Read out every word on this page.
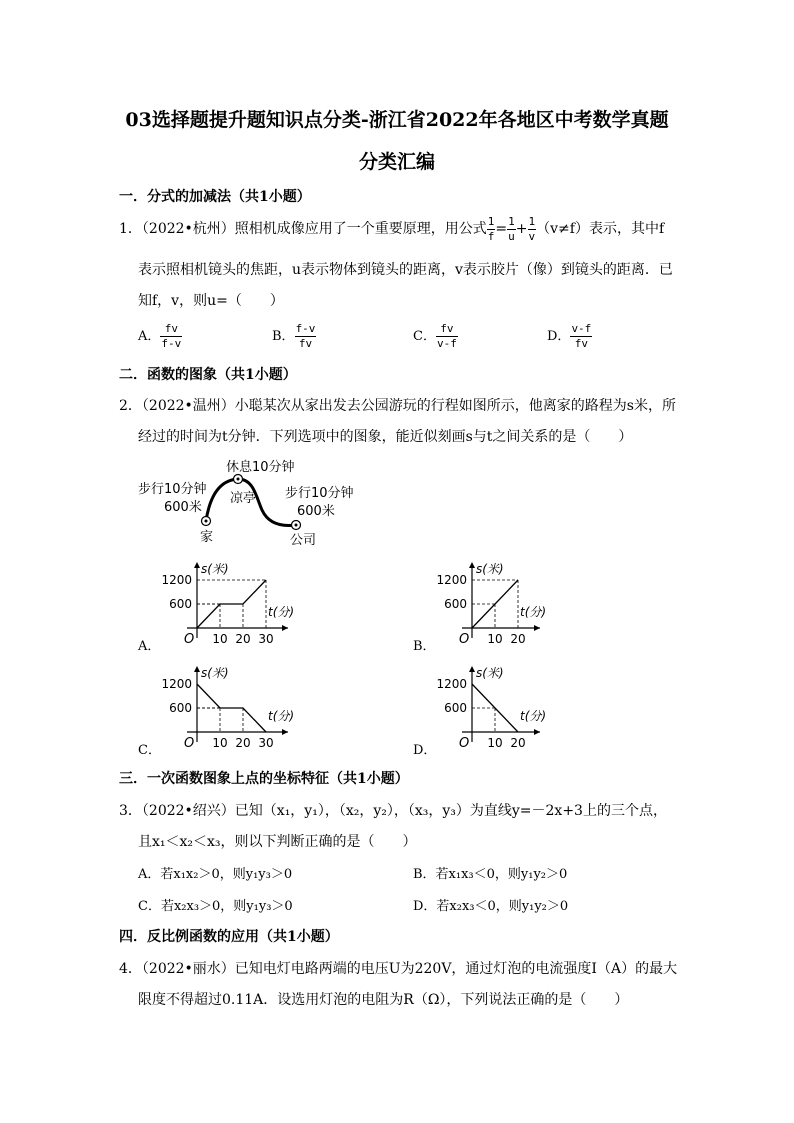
03选择题提升题知识点分类-浙江省2022年各地区中考数学真题
分类汇编
一．分式的加减法（共1小题）
1．（2022•杭州）照相机成像应用了一个重要原理，用公式 $\frac{1}{f} = \frac{1}{u} + \frac{1}{v} (v\ne f)$表示，其中f
表示照相机镜头的焦距，u表示物体到镜头的距离，v表示胶片（像）到镜头的距离．已
知f，v，则u=（　　）
A． $\frac{fv}{f-v}$	B． $\frac{f-v}{fv}$	C． $\frac{fv}{v-f}$	D． $\frac{v-f}{fv}$
二．函数的图象（共1小题）
2．（2022•温州）小聪某次从家出发去公园游玩的行程如图所示，他离家的路程为s米，所
经过的时间为t分钟．下列选项中的图象，能近似刻画s与t之间关系的是（　　）
休息10分钟
步行10分钟
600米
凉亭 步行10分钟
600米
家	公司
A．	B．
C．	D．
s(米)
t(分)
O
1200
600
10 20 30
s(米)
t(分)
O
1200
600
10 20
s(米)
t(分)
O
1200
600
10 20 30
s(米)
t(分)
O
1200
600
10 20
三．一次函数图象上点的坐标特征（共1小题）
3．（2022•绍兴）已知（x₁，y₁），（x₂，y₂），（x₃，y₃）为直线y=－2x+3上的三个点，
且x₁＜x₂＜x₃，则以下判断正确的是（　　）
A．若x₁x₂＞0，则y₁y₃＞0	B．若x₁x₃＜0，则y₁y₂＞0
C．若x₂x₃＞0，则y₁y₃＞0	D．若x₂x₃＜0，则y₁y₂＞0
四．反比例函数的应用（共1小题）
4．（2022•丽水）已知电灯电路两端的电压U为220V，通过灯泡的电流强度I（A）的最大
限度不得超过0.11A．设选用灯泡的电阻为R（Ω），下列说法正确的是（　　）
